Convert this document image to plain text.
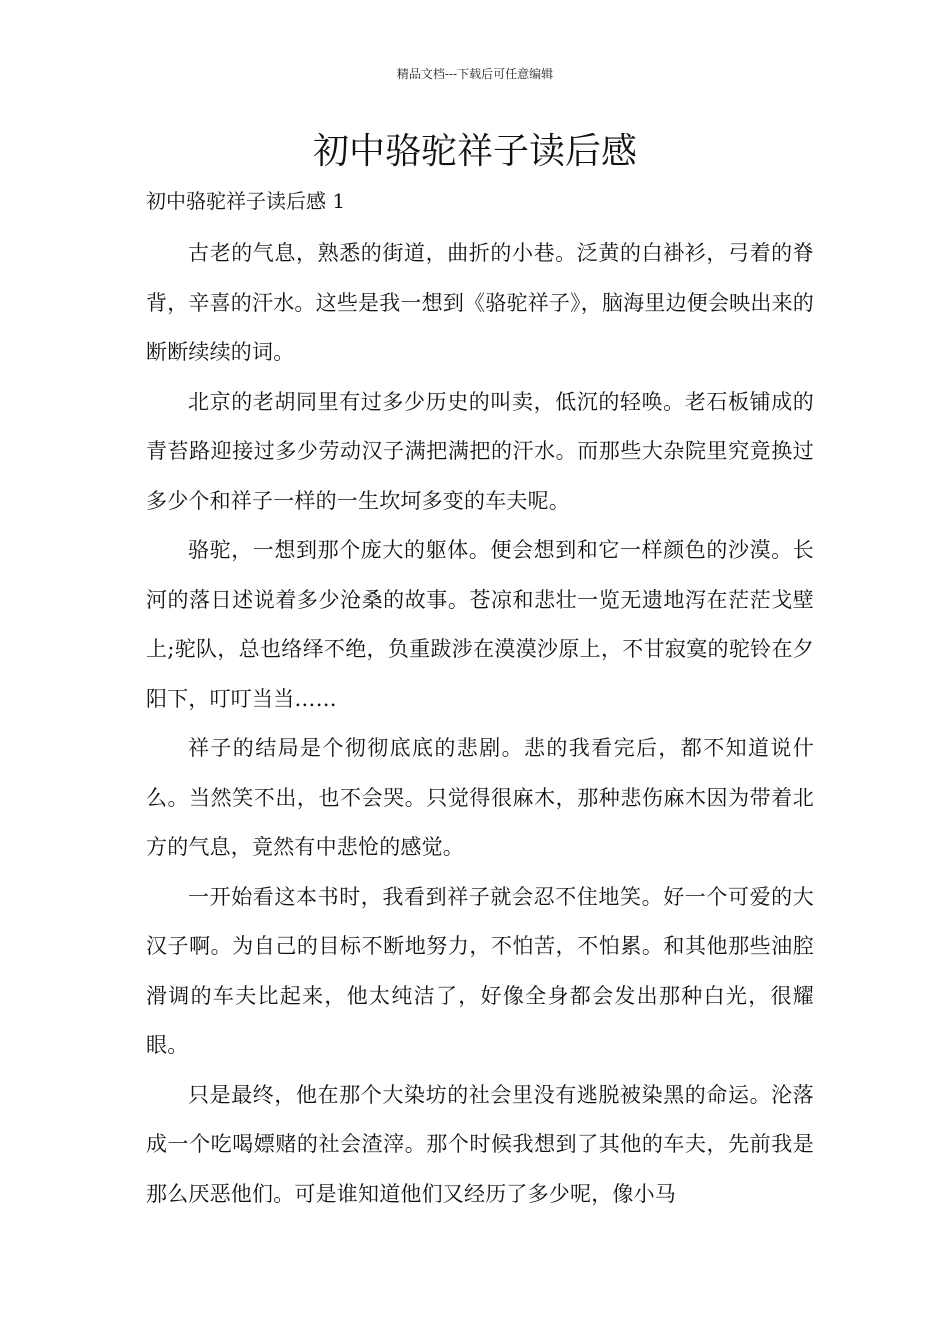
精品文档---下载后可任意编辑
初中骆驼祥子读后感
初中骆驼祥子读后感 1

古老的气息，熟悉的街道，曲折的小巷。泛黄的白褂衫，弓着的脊背，辛喜的汗水。这些是我一想到《骆驼祥子》，脑海里边便会映出来的断断续续的词。

北京的老胡同里有过多少历史的叫卖，低沉的轻唤。老石板铺成的青苔路迎接过多少劳动汉子满把满把的汗水。而那些大杂院里究竟换过多少个和祥子一样的一生坎坷多变的车夫呢。

骆驼，一想到那个庞大的躯体。便会想到和它一样颜色的沙漠。长河的落日述说着多少沧桑的故事。苍凉和悲壮一览无遗地泻在茫茫戈壁上;驼队，总也络绎不绝，负重跋涉在漠漠沙原上，不甘寂寞的驼铃在夕阳下，叮叮当当……

祥子的结局是个彻彻底底的悲剧。悲的我看完后，都不知道说什么。当然笑不出，也不会哭。只觉得很麻木，那种悲伤麻木因为带着北方的气息，竟然有中悲怆的感觉。

一开始看这本书时，我看到祥子就会忍不住地笑。好一个可爱的大汉子啊。为自己的目标不断地努力，不怕苦，不怕累。和其他那些油腔滑调的车夫比起来，他太纯洁了，好像全身都会发出那种白光，很耀眼。

只是最终，他在那个大染坊的社会里没有逃脱被染黑的命运。沦落成一个吃喝嫖赌的社会渣滓。那个时候我想到了其他的车夫，先前我是那么厌恶他们。可是谁知道他们又经历了多少呢，像小马
